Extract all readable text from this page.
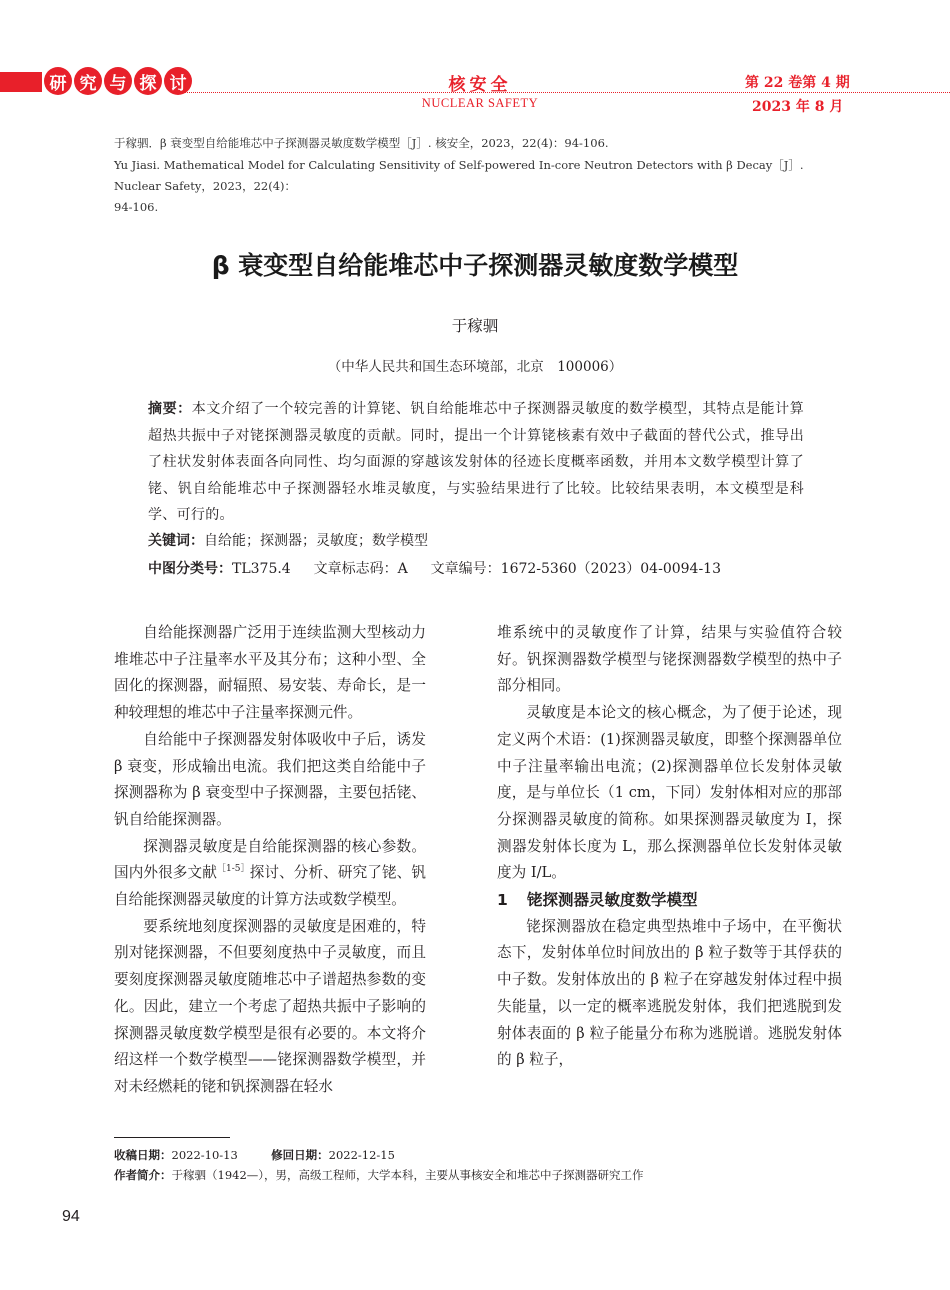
研 究 与 探 讨	核安全
NUCLEAR SAFETY
第 22 卷第 4 期
2023 年 8 月
于稼驷．β 衰变型自给能堆芯中子探测器灵敏度数学模型［J］. 核安全，2023，22(4)：94-106.
Yu Jiasi. Mathematical Model for Calculating Sensitivity of Self-powered In-core Neutron Detectors with β Decay［J］. Nuclear Safety，2023，22(4)：
94-106.
β 衰变型自给能堆芯中子探测器灵敏度数学模型
于稼驷
（中华人民共和国生态环境部，北京　100006）
摘要：本文介绍了一个较完善的计算铑、钒自给能堆芯中子探测器灵敏度的数学模型，其特点是能计算超热共振中子对铑探测器灵敏度的贡献。同时，提出一个计算铑核素有效中子截面的替代公式，推导出了柱状发射体表面各向同性、均匀面源的穿越该发射体的径迹长度概率函数，并用本文数学模型计算了铑、钒自给能堆芯中子探测器轻水堆灵敏度，与实验结果进行了比较。比较结果表明，本文模型是科学、可行的。
关键词：自给能；探测器；灵敏度；数学模型
中图分类号：TL375.4 文章标志码：A 文章编号：1672-5360（2023）04-0094-13

自给能探测器广泛用于连续监测大型核动力堆堆芯中子注量率水平及其分布；这种小型、全固化的探测器，耐辐照、易安装、寿命长，是一种较理想的堆芯中子注量率探测元件。

自给能中子探测器发射体吸收中子后，诱发 β 衰变，形成输出电流。我们把这类自给能中子探测器称为 β 衰变型中子探测器，主要包括铑、钒自给能探测器。

探测器灵敏度是自给能探测器的核心参数。国内外很多文献$^{[1-5]}$探讨、分析、研究了铑、钒自给能探测器灵敏度的计算方法或数学模型。

要系统地刻度探测器的灵敏度是困难的，特别对铑探测器，不但要刻度热中子灵敏度，而且要刻度探测器灵敏度随堆芯中子谱超热参数的变化。因此，建立一个考虑了超热共振中子影响的探测器灵敏度数学模型是很有必要的。本文将介绍这样一个数学模型——铑探测器数学模型，并对未经燃耗的铑和钒探测器在轻水

堆系统中的灵敏度作了计算，结果与实验值符合较好。钒探测器数学模型与铑探测器数学模型的热中子部分相同。

灵敏度是本论文的核心概念，为了便于论述，现定义两个术语：(1)探测器灵敏度，即整个探测器单位中子注量率输出电流；(2)探测器单位长发射体灵敏度，是与单位长（1 cm，下同）发射体相对应的那部分探测器灵敏度的简称。如果探测器灵敏度为 I，探测器发射体长度为 L，那么探测器单位长发射体灵敏度为 I/L。

1 铑探测器灵敏度数学模型

铑探测器放在稳定典型热堆中子场中，在平衡状态下，发射体单位时间放出的 β 粒子数等于其俘获的中子数。发射体放出的 β 粒子在穿越发射体过程中损失能量，以一定的概率逃脱发射体，我们把逃脱到发射体表面的 β 粒子能量分布称为逃脱谱。逃脱发射体的 β 粒子，

收稿日期：2022-10-13	修回日期：2022-12-15
作者简介：于稼驷（1942—），男，高级工程师，大学本科，主要从事核安全和堆芯中子探测器研究工作
94
